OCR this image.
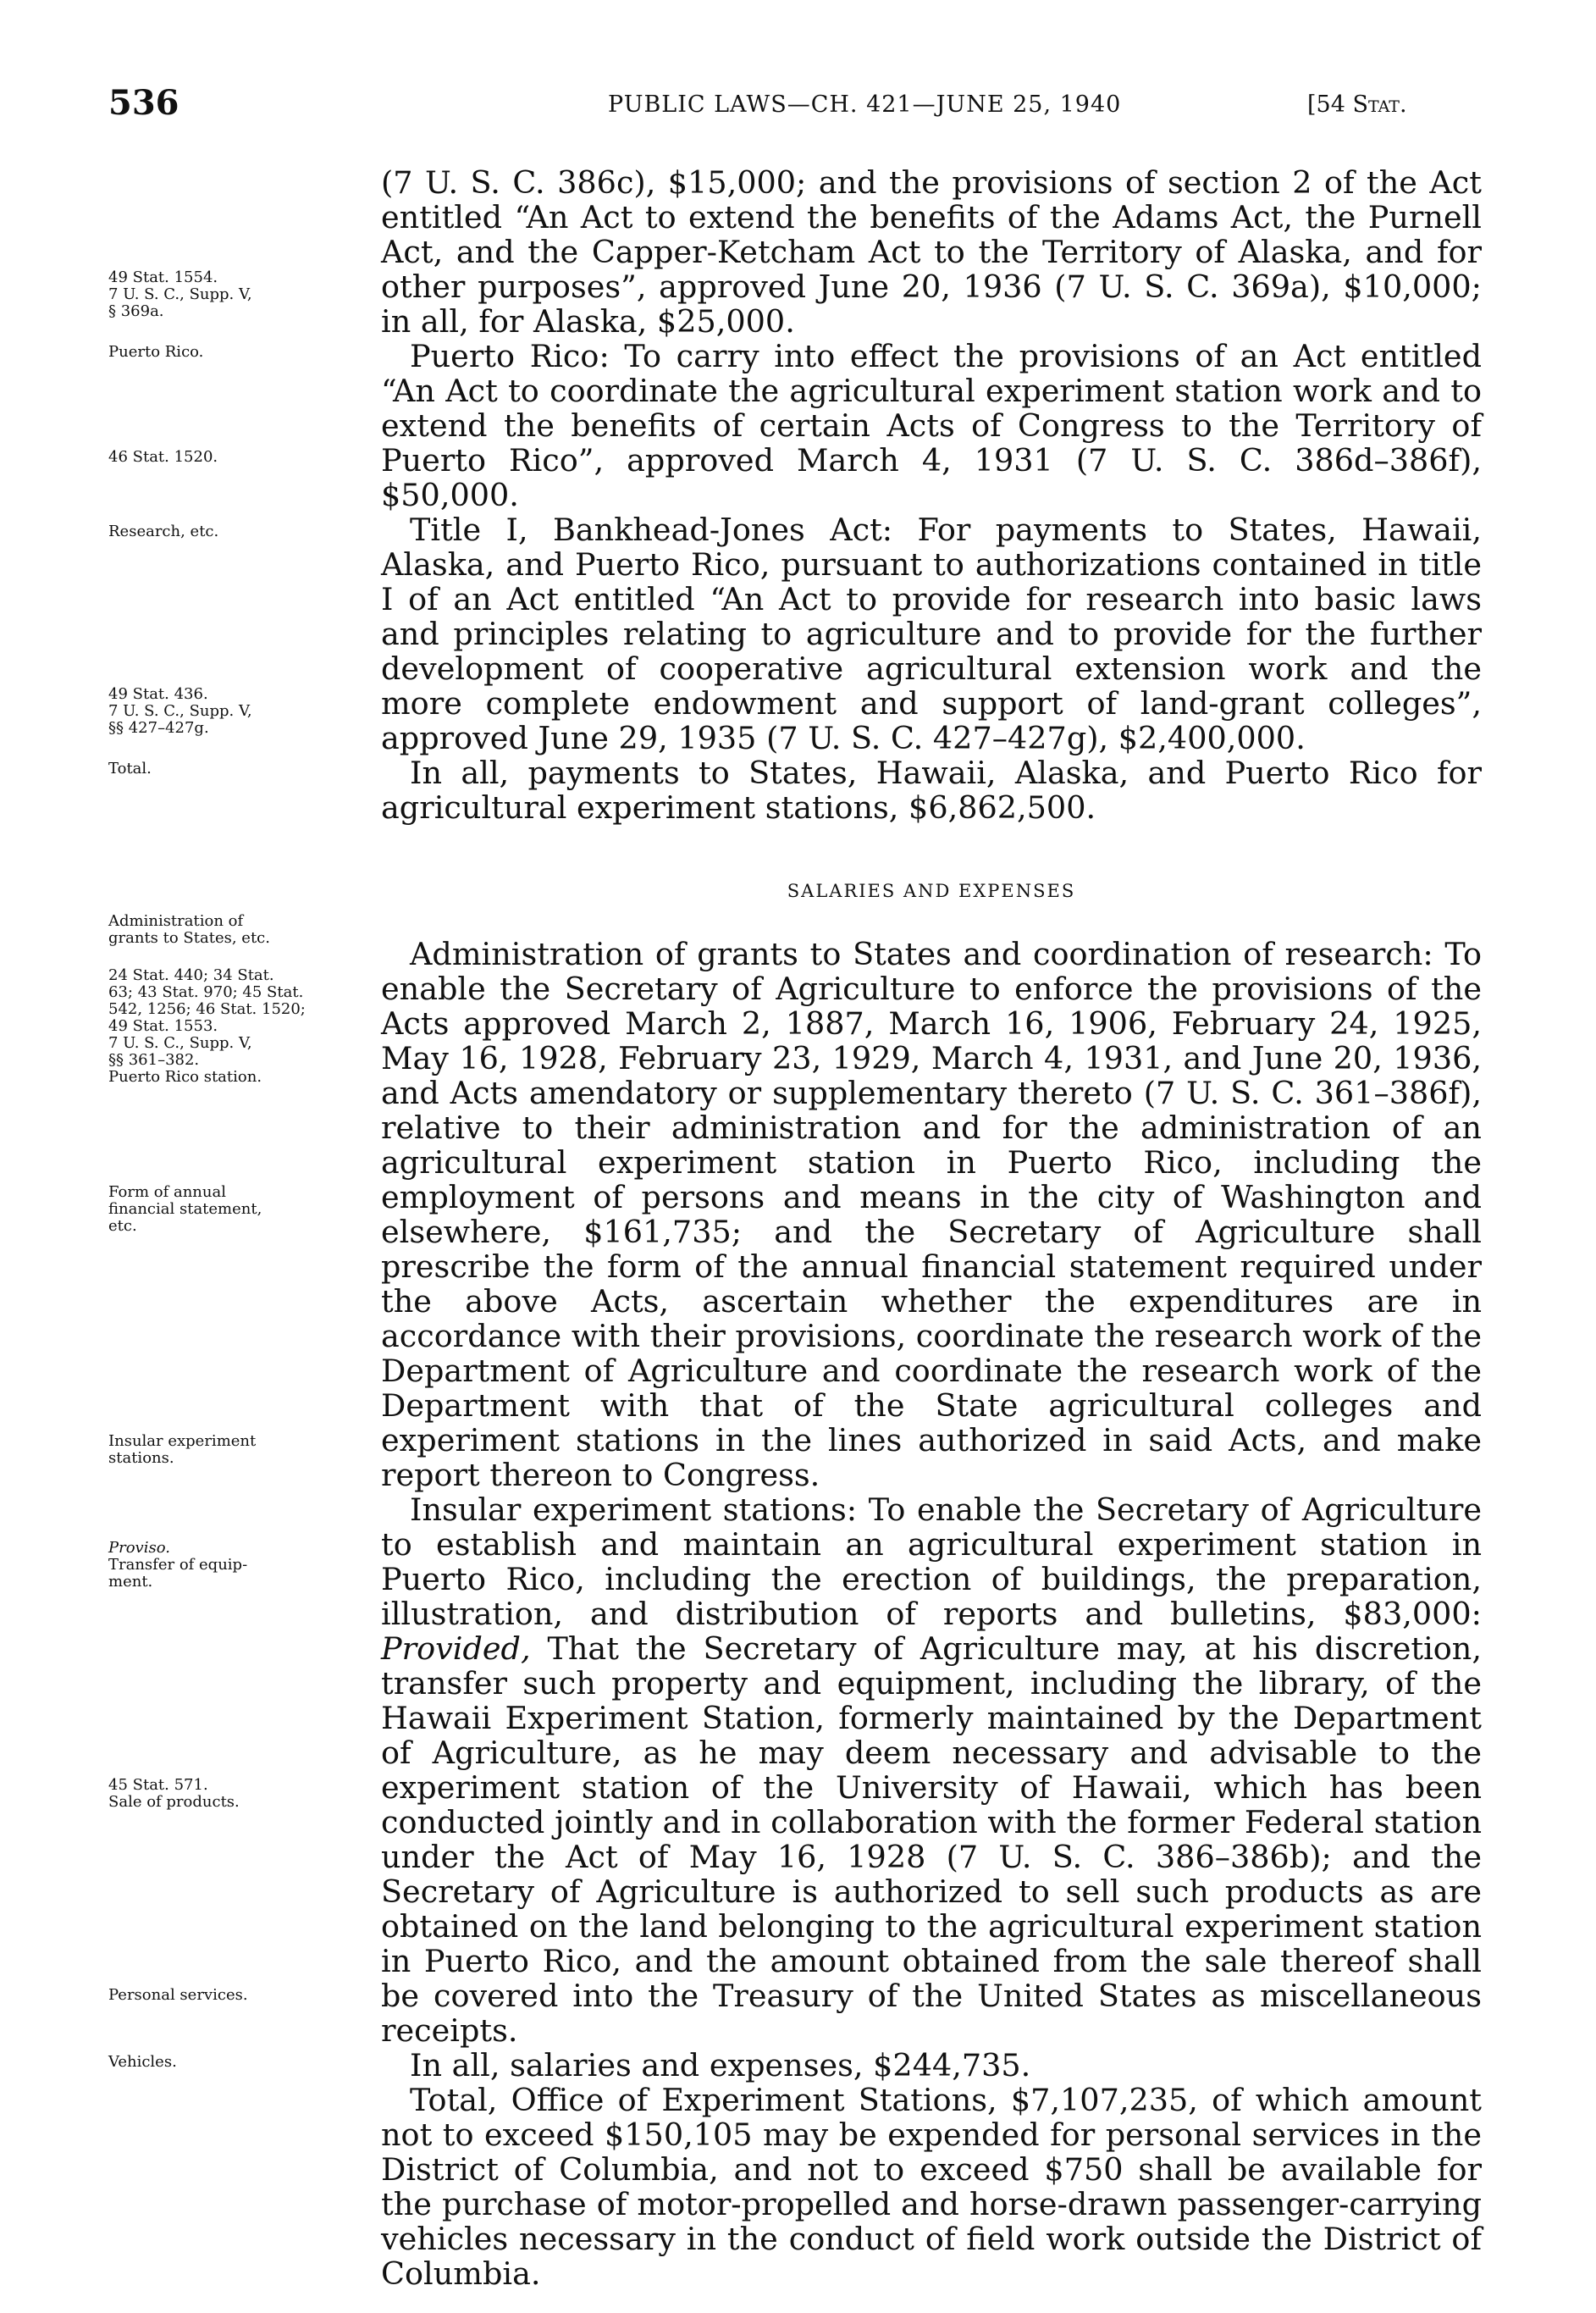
536	PUBLIC LAWS—CH. 421—JUNE 25, 1940	[54 Stat.
49 Stat. 1554.
7 U. S. C., Supp. V,
§ 369a.
Puerto Rico.
46 Stat. 1520.
Research, etc.
49 Stat. 436.
7 U. S. C., Supp. V,
§§ 427–427g.
Total.
Administration of
grants to States, etc.
24 Stat. 440; 34 Stat.
63; 43 Stat. 970; 45 Stat.
542, 1256; 46 Stat. 1520;
49 Stat. 1553.
7 U. S. C., Supp. V,
§§ 361–382.
Puerto Rico station.
Form of annual
financial statement,
etc.
Insular experiment
stations.
Proviso.
Transfer of equip-
ment.
45 Stat. 571.
Sale of products.
Personal services.
Vehicles.

(7 U. S. C. 386c), $15,000; and the provisions of section 2 of the Act entitled “An Act to extend the benefits of the Adams Act, the Purnell Act, and the Capper-Ketcham Act to the Territory of Alaska, and for other purposes”, approved June 20, 1936 (7 U. S. C. 369a), $10,000; in all, for Alaska, $25,000.

Puerto Rico: To carry into effect the provisions of an Act entitled “An Act to coordinate the agricultural experiment station work and to extend the benefits of certain Acts of Congress to the Territory of Puerto Rico”, approved March 4, 1931 (7 U. S. C. 386d–386f), $50,000.

Title I, Bankhead-Jones Act: For payments to States, Hawaii, Alaska, and Puerto Rico, pursuant to authorizations contained in title I of an Act entitled “An Act to provide for research into basic laws and principles relating to agriculture and to provide for the further development of cooperative agricultural extension work and the more complete endowment and support of land-grant colleges”, approved June 29, 1935 (7 U. S. C. 427–427g), $2,400,000.

In all, payments to States, Hawaii, Alaska, and Puerto Rico for agricultural experiment stations, $6,862,500.

SALARIES AND EXPENSES

Administration of grants to States and coordination of research: To enable the Secretary of Agriculture to enforce the provisions of the Acts approved March 2, 1887, March 16, 1906, February 24, 1925, May 16, 1928, February 23, 1929, March 4, 1931, and June 20, 1936, and Acts amendatory or supplementary thereto (7 U. S. C. 361–386f), relative to their administration and for the administration of an agricultural experiment station in Puerto Rico, including the employment of persons and means in the city of Washington and elsewhere, $161,735; and the Secretary of Agriculture shall prescribe the form of the annual financial statement required under the above Acts, ascertain whether the expenditures are in accordance with their provisions, coordinate the research work of the Department of Agriculture and coordinate the research work of the Department with that of the State agricultural colleges and experiment stations in the lines authorized in said Acts, and make report thereon to Congress.

Insular experiment stations: To enable the Secretary of Agriculture to establish and maintain an agricultural experiment station in Puerto Rico, including the erection of buildings, the preparation, illustration, and distribution of reports and bulletins, $83,000: Provided, That the Secretary of Agriculture may, at his discretion, transfer such property and equipment, including the library, of the Hawaii Experiment Station, formerly maintained by the Department of Agriculture, as he may deem necessary and advisable to the experiment station of the University of Hawaii, which has been conducted jointly and in collaboration with the former Federal station under the Act of May 16, 1928 (7 U. S. C. 386–386b); and the Secretary of Agriculture is authorized to sell such products as are obtained on the land belonging to the agricultural experiment station in Puerto Rico, and the amount obtained from the sale thereof shall be covered into the Treasury of the United States as miscellaneous receipts.

In all, salaries and expenses, $244,735.

Total, Office of Experiment Stations, $7,107,235, of which amount not to exceed $150,105 may be expended for personal services in the District of Columbia, and not to exceed $750 shall be available for the purchase of motor-propelled and horse-drawn passenger-carrying vehicles necessary in the conduct of field work outside the District of Columbia.
